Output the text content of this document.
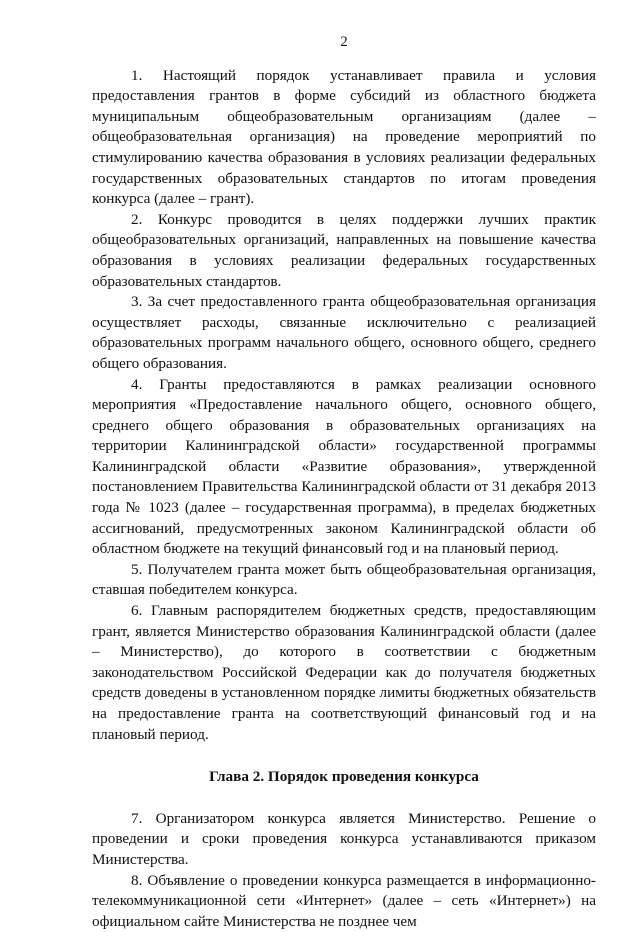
2

1. Настоящий порядок устанавливает правила и условия предоставления грантов в форме субсидий из областного бюджета муниципальным общеобразовательным организациям (далее – общеобразовательная организация) на проведение мероприятий по стимулированию качества образования в условиях реализации федеральных государственных образовательных стандартов по итогам проведения конкурса (далее – грант).

2. Конкурс проводится в целях поддержки лучших практик общеобразовательных организаций, направленных на повышение качества образования в условиях реализации федеральных государственных образовательных стандартов.

3. За счет предоставленного гранта общеобразовательная организация осуществляет расходы, связанные исключительно с реализацией образовательных программ начального общего, основного общего, среднего общего образования.

4. Гранты предоставляются в рамках реализации основного мероприятия «Предоставление начального общего, основного общего, среднего общего образования в образовательных организациях на территории Калининградской области» государственной программы Калининградской области «Развитие образования», утвержденной постановлением Правительства Калининградской области от 31 декабря 2013 года № 1023 (далее – государственная программа), в пределах бюджетных ассигнований, предусмотренных законом Калининградской области об областном бюджете на текущий финансовый год и на плановый период.

5. Получателем гранта может быть общеобразовательная организация, ставшая победителем конкурса.

6. Главным распорядителем бюджетных средств, предоставляющим грант, является Министерство образования Калининградской области (далее – Министерство), до которого в соответствии с бюджетным законодательством Российской Федерации как до получателя бюджетных средств доведены в установленном порядке лимиты бюджетных обязательств на предоставление гранта на соответствующий финансовый год и на плановый период.

Глава 2. Порядок проведения конкурса

7. Организатором конкурса является Министерство. Решение о проведении и сроки проведения конкурса устанавливаются приказом Министерства.

8. Объявление о проведении конкурса размещается в информационно-телекоммуникационной сети «Интернет» (далее – сеть «Интернет») на официальном сайте Министерства не позднее чем
